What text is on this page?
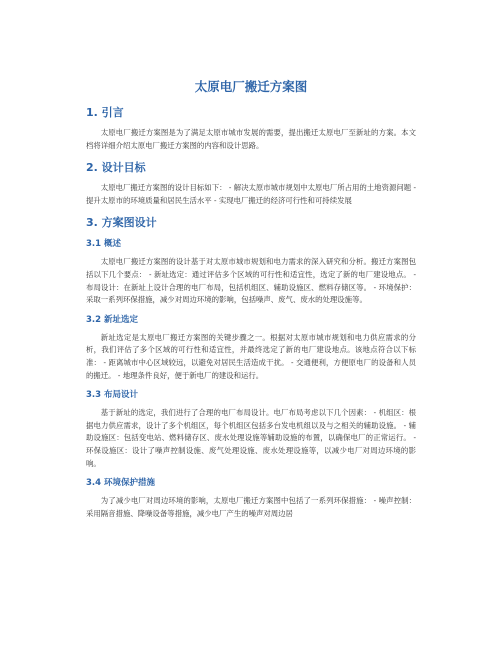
太原电厂搬迁方案图
1. 引言
太原电厂搬迁方案图是为了满足太原市城市发展的需要，提出搬迁太原电厂至新址的方案。本文档将详细介绍太原电厂搬迁方案图的内容和设计思路。
2. 设计目标
太原电厂搬迁方案图的设计目标如下： - 解决太原市城市规划中太原电厂所占用的土地资源问题 - 提升太原市的环境质量和居民生活水平 - 实现电厂搬迁的经济可行性和可持续发展
3. 方案图设计
3.1 概述
太原电厂搬迁方案图的设计基于对太原市城市规划和电力需求的深入研究和分析。搬迁方案图包括以下几个要点： - 新址选定：通过评估多个区域的可行性和适宜性，选定了新的电厂建设地点。 - 布局设计：在新址上设计合理的电厂布局，包括机组区、辅助设施区、燃料存储区等。 - 环境保护：采取一系列环保措施，减少对周边环境的影响，包括噪声、废气、废水的处理设施等。
3.2 新址选定
新址选定是太原电厂搬迁方案图的关键步骤之一。根据对太原市城市规划和电力供应需求的分析，我们评估了多个区域的可行性和适宜性，并最终选定了新的电厂建设地点。该地点符合以下标准： - 距离城市中心区域较远，以避免对居民生活造成干扰。 - 交通便利，方便原电厂的设备和人员的搬迁。 - 地理条件良好，便于新电厂的建设和运行。
3.3 布局设计
基于新址的选定，我们进行了合理的电厂布局设计。电厂布局考虑以下几个因素： - 机组区：根据电力供应需求，设计了多个机组区，每个机组区包括多台发电机组以及与之相关的辅助设施。 - 辅助设施区：包括变电站、燃料储存区、废水处理设施等辅助设施的布置，以确保电厂的正常运行。 - 环保设施区：设计了噪声控制设施、废气处理设施、废水处理设施等，以减少电厂对周边环境的影响。
3.4 环境保护措施
为了减少电厂对周边环境的影响，太原电厂搬迁方案图中包括了一系列环保措施： - 噪声控制：采用隔音措施、降噪设备等措施，减少电厂产生的噪声对周边居
